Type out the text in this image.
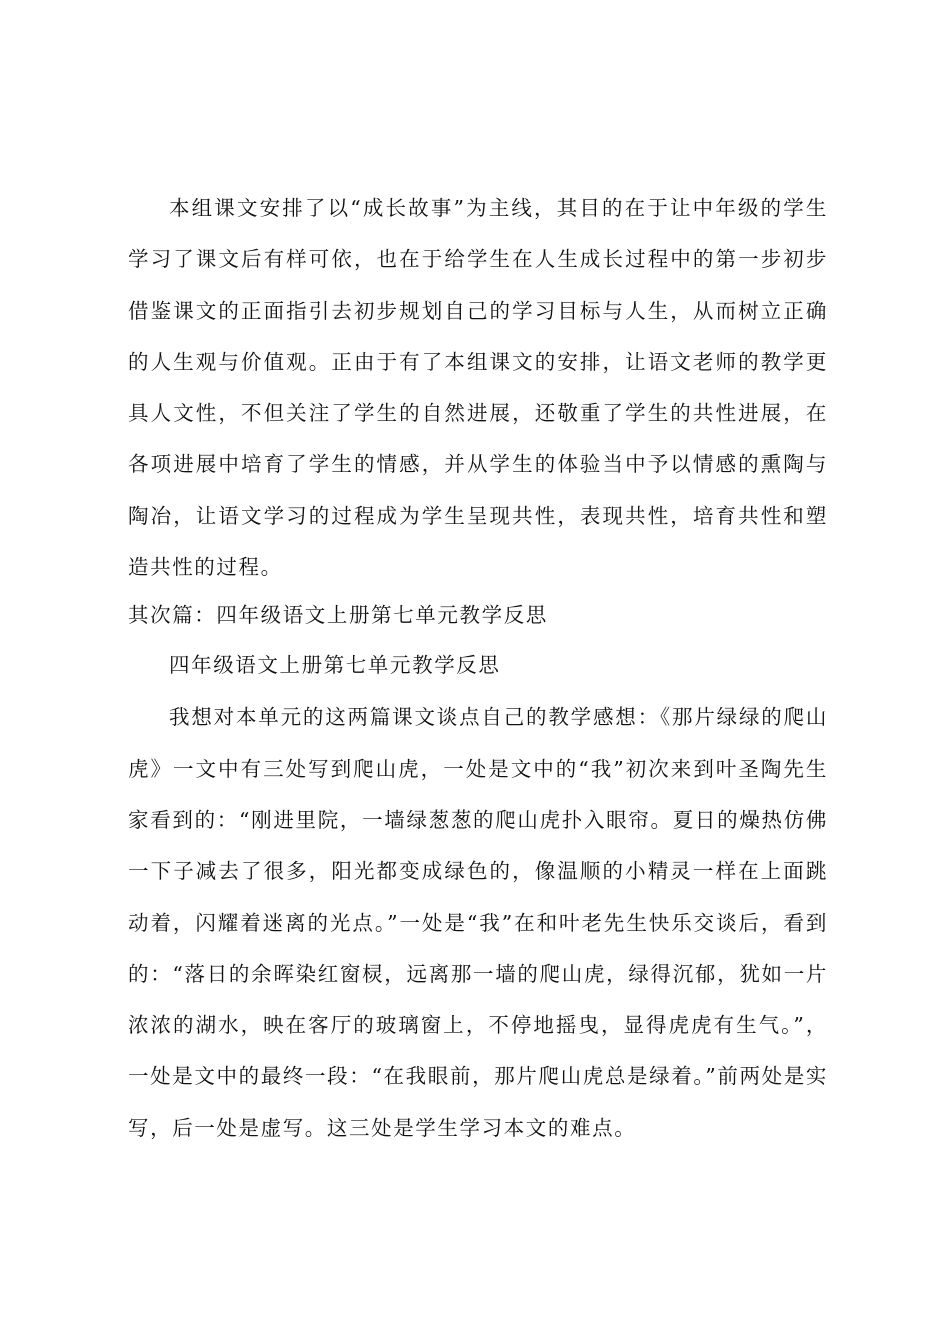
本组课文安排了以“成长故事”为主线，其目的在于让中年级的学生学习了课文后有样可依，也在于给学生在人生成长过程中的第一步初步借鉴课文的正面指引去初步规划自己的学习目标与人生，从而树立正确的人生观与价值观。正由于有了本组课文的安排，让语文老师的教学更具人文性，不但关注了学生的自然进展，还敬重了学生的共性进展，在各项进展中培育了学生的情感，并从学生的体验当中予以情感的熏陶与陶冶，让语文学习的过程成为学生呈现共性，表现共性，培育共性和塑造共性的过程。

其次篇：四年级语文上册第七单元教学反思

四年级语文上册第七单元教学反思

我想对本单元的这两篇课文谈点自己的教学感想：《那片绿绿的爬山虎》一文中有三处写到爬山虎，一处是文中的“我”初次来到叶圣陶先生家看到的：“刚进里院，一墙绿葱葱的爬山虎扑入眼帘。夏日的燥热仿佛一下子减去了很多，阳光都变成绿色的，像温顺的小精灵一样在上面跳动着，闪耀着迷离的光点。”一处是“我”在和叶老先生快乐交谈后，看到的：“落日的余晖染红窗棂，远离那一墙的爬山虎，绿得沉郁，犹如一片浓浓的湖水，映在客厅的玻璃窗上，不停地摇曳，显得虎虎有生气。”，一处是文中的最终一段：“在我眼前，那片爬山虎总是绿着。”前两处是实写，后一处是虚写。这三处是学生学习本文的难点。
